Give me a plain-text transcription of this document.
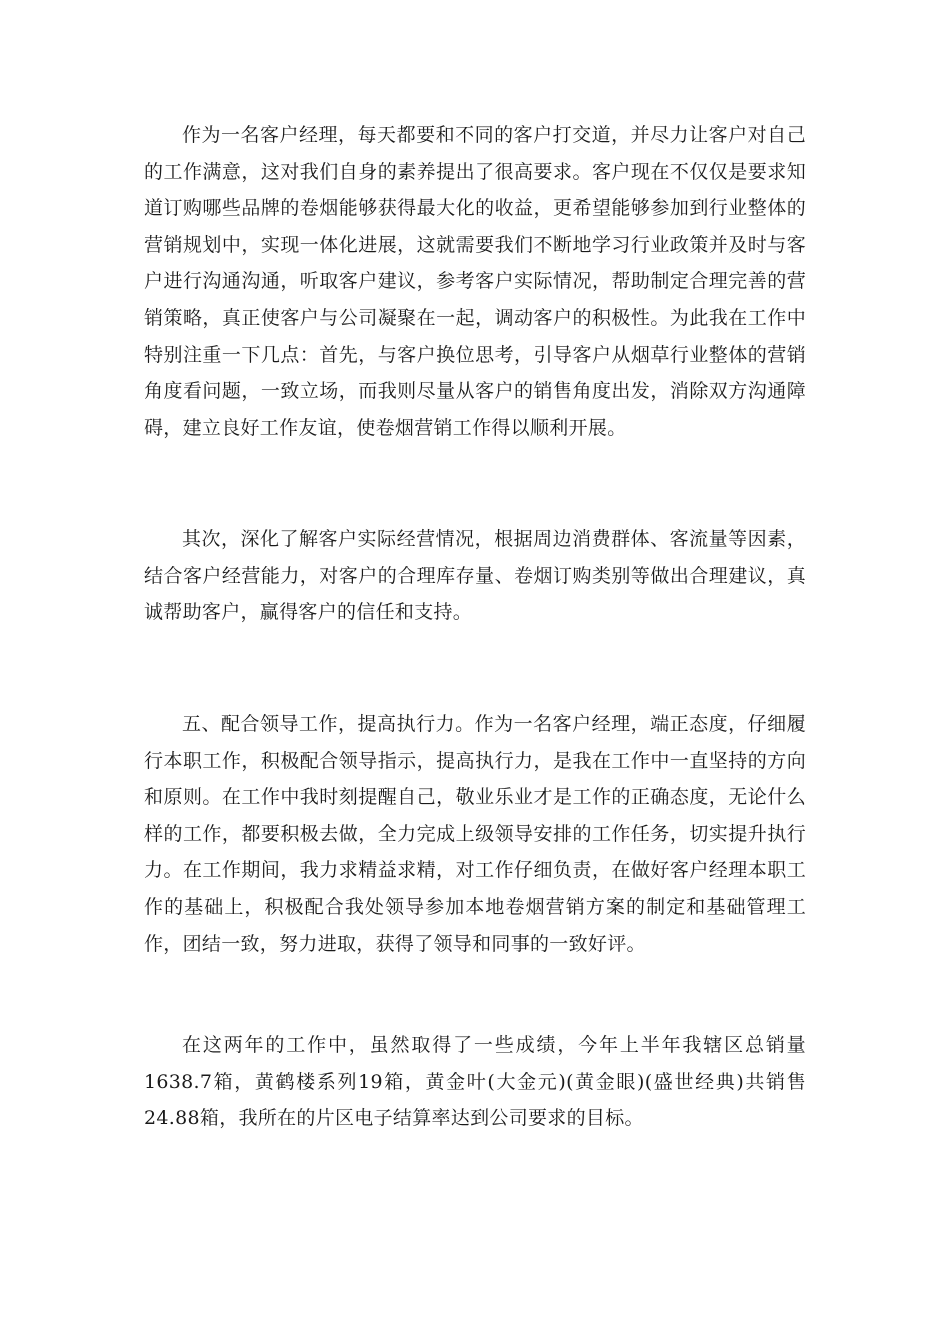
作为一名客户经理，每天都要和不同的客户打交道，并尽力让客户对自己的工作满意，这对我们自身的素养提出了很高要求。客户现在不仅仅是要求知道订购哪些品牌的卷烟能够获得最大化的收益，更希望能够参加到行业整体的营销规划中，实现一体化进展，这就需要我们不断地学习行业政策并及时与客户进行沟通沟通，听取客户建议，参考客户实际情况，帮助制定合理完善的营销策略，真正使客户与公司凝聚在一起，调动客户的积极性。为此我在工作中特别注重一下几点：首先，与客户换位思考，引导客户从烟草行业整体的营销角度看问题，一致立场，而我则尽量从客户的销售角度出发，消除双方沟通障碍，建立良好工作友谊，使卷烟营销工作得以顺利开展。

其次，深化了解客户实际经营情况，根据周边消费群体、客流量等因素，结合客户经营能力，对客户的合理库存量、卷烟订购类别等做出合理建议，真诚帮助客户，赢得客户的信任和支持。

五、配合领导工作，提高执行力。作为一名客户经理，端正态度，仔细履行本职工作，积极配合领导指示，提高执行力，是我在工作中一直坚持的方向和原则。在工作中我时刻提醒自己，敬业乐业才是工作的正确态度，无论什么样的工作，都要积极去做，全力完成上级领导安排的工作任务，切实提升执行力。在工作期间，我力求精益求精，对工作仔细负责，在做好客户经理本职工作的基础上，积极配合我处领导参加本地卷烟营销方案的制定和基础管理工作，团结一致，努力进取，获得了领导和同事的一致好评。

在这两年的工作中，虽然取得了一些成绩，今年上半年我辖区总销量1638.7箱，黄鹤楼系列19箱，黄金叶(大金元)(黄金眼)(盛世经典)共销售24.88箱，我所在的片区电子结算率达到公司要求的目标。
